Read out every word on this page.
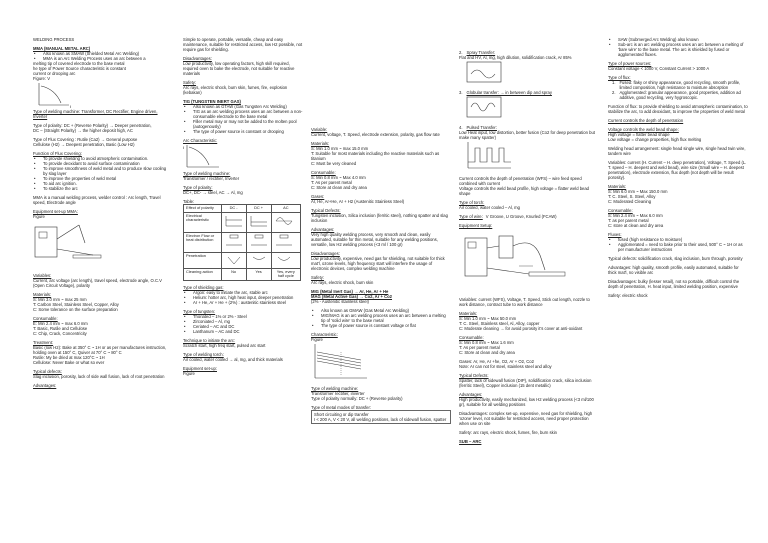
WELDING PROCESS
MMA (MANUAL METAL ARC)
• Also known as SMAW (Shielded Metal Arc Welding)
• MMA is an Arc Welding Process uses an arc between a
melting tip of covered electrode to the base metal
he type of Power Source characteristic is constant
current or drooping arc
Figure: V
I
Type of welding machine: Transformer, DC Rectifier, Engine driven, Inverter
Type of polarity: DC + (Reverse Polarity) → Deeper penetration,
DC – (Straight Polarity) → the higher deposit high, AC
Type of Flux Covering : Rutile (Ca2) → General purpose
Cellulose (H2) → Deepest penetration, Basic (Low H2)
Function of Flux Covering:
• To provide shielding to avoid atmospheric contamination.
• To provide deoxidant to avoid surface contamination
• To improve smoothness of weld metal and to produce slow cooling by slag layer
• To improve the properties of weld metal
• To aid arc ignition.
• To stabilize the arc
MMA is a manual welding process, welder control : Arc length, Travel speed, Electrode angle
Equipment set-up MMA:
Figure
Variables:
Current, arc voltage (arc length), travel speed, electrode angle, O.C.V (Open Circuit Voltage), polarity
Materials:
S: Min 3.0 mm ~ max 25 mm
T: Carbon Steel, Stainless Steel, Copper, Alloy
C: Some tolerance on the surface preparation
Consumable:
E: Min 2.4 mm ~ max 6.0 mm
T: Basic, Rutile and Cellulose
C: Chip, Crack, Concentricity
Treatment:
Basic (low H2): Bake at 350° C ~ 1H or as per manufactures instruction, holding oven at 150° C, Quiver at 70° C ~ 80° C
Rutile: My be dried at max 120°C ~ 1H
Cellulose: Never Bake or what so ever
Typical defects:
Slag inclusion, porosity, lack of side wall fusion, lack of root penetration
Advantages:
Simple to operate, portable, versatile, cheap and easy maintenance, suitable for restricted access, low H2 possible, not require gas for shielding.
Disadvantages:
Low productivity, low operating factors, high skill required, required oven to bake the electrode, not suitable for reactive materials
Safety:
Arc rays, electric shock, burn skin, fumes, fire, explosion (kebakan)
TIG (TUNGSTEN INERT GAS)
• Also known as GTAW (Gas Tungsten Arc Welding)
• TIG as an arc welding process uses an arc between a non-consumable electrode to the base metal
• Filler metal may or may not be added to the molten pool (autogenously)
• The type of power source is constant or drooping
Arc Characteristic:
I
Type of welding machine:
Transformer / rectifier, Inverter
Type of polarity:
DC+, DC- → steel, AC → Al, mg
Table:
Effect of polarity	DC -	DC +	AC
Electrical characteristic	

Electron Flow or heat distribution	

Penetration	

Cleaning action	No	Yes	Yes, every half cycle
Type of shielding gas:
• Argon: easy to initiate the arc, stable arc
• Helium: hotter arc, high heat input, deeper penetration
• Ar + He, Ar + He + (2%) : austenitic stainless steel
Type of tungsten:
• Thoriated – 1% or 2% - Steel
• Zirconiated – Al, mg
• Ceriated – AC and DC
• Lanthanum – AC and DC
Technique to initiate the arc:
Scratch start, high freq start, pulsed arc start
Type of welding torch:
Air cooled, water cooled → al, mg, and thick materials
Equipment set-up:
Figure
Variable:
Current, voltage, T. Speed, electrode extension, polarity, gas flow rate
Materials:
S: Min 1.0 mm ~ max 15.0 mm
T: Suitable for most materials including the reactive materials such as titanium
C: Must be very cleaned
Consumable:
S: Min 0.8 mm ~ Max 4.0 mm
T: As per parent metal
C: Store at clean and dry area
Gases:
Ar, He, Ar+He, Ar + H2 (Austenitic Stainless Steel)
Typical Defects:
Tungsten inclusion, Silica inclusion (ferritic steel), nothing spatter and slag inclusion
Advantages:
Very high quality welding process, very smooth and clean, easily automated, suitable for thin metal, suitable for any welding positions, versatile, low H2 welding process (<3 ml / 100 gr)
Disadvantages:
Low productivity, expensive, need gas for shielding, not suitable for thick mat'l, ozone levels, high frequency start will interfere the usage of electronic devices, complex welding machine
Safety:
Arc rays, electric shock, burn skin
MIG (Metal Inert Gas) → Ar, He, Ar + He
MAG (Metal Active Gas) → Co2, Ar + Co2
(2% - Austenitic stainless steel)
• Also known as GMAW (Gas Metal Arc Welding)
• MIG/MAG is an arc welding process uses an arc between a melting tip of 'solid wire' to the base metal
• The type of power source is constant voltage or flat
Characteristic:
Figure
Type of welding machine:
Transformer rectifier, inverter
Type of polarity normally: DC + (Reverse polarity)
Type of metal modes of transfer:
Short circuiting or dip transfer
I < 200 A, V < 20 V, all welding positions, lack of sidewall fusion, spatter
2. Spray Transfer:
Flat and HV, Al, mg, high dilution, solidification crack, Ar 85%
3. Globular transfer: → in between dip and spray
4. Pulsed Transfer:
Low Heat input, low distortion, better fusion (Co2 for deep penetration but make many spatter)
Current controls the depth of penetration (WFS) – wire feed speed combined with current
Voltage controls the weld bead profile, high voltage = flatter weld bead shape
Type of torch:
Air cooled, water cooled – Al, mg
Type of wire: V Groove, U Groove, Knurled (FCAW)
Equipment Setup:
Variables: current (WFS), Voltage, T. Speed, Stick out length, nozzle to work distance, contract tube to work distance
Materials:
S: Min 1.0 mm ~ Max 50.0 mm
T: C. Steel, Stainless steel, Al, Alloy, copper
C: Moderate cleaning → for avoid porosity it's cover at anti-oxidant
Consumable:
S: Min 0.8 mm ~ Max 1.6 mm
T: As per parent metal
C: Store at clean and dry area
Gases: Ar, He, Ar +he, O2, Ar + O2, Co2
Note: Ar can not for steel, stainless steel and alloy
Typical Defects:
Spatter, lack of sidewall fusion (DIP), solidification crack, silica inclusion (ferritic Steel), Copper inclusion (15 dent metallic)
Advantages:
High productivity, easily mechanized, low H2 welding process (<3 ml/100 gr), suitable for all welding positions
Disadvantages: complex set-up, expensive, need gas for shielding, high 'ozone' level, not suitable for restricted access, need proper protection when use on site
Safety: arc rays, electric shock, fumes, fire, burn skin
SUB – ARC
• SAW (Submerged Arc Welding) also known
• Sub-arc is an arc welding process uses an arc between a melting of 'bare wire' to the base metal. The arc is shielded by fused or agglomerated fluxes.
Type of power sources:
Constant voltage < 1000 V, Constant Current > 1000 A
Type of flux:
1. Fused: flaky or shiny appearance, good recycling, smooth profile, limited composition, high resistance to moisture absorption
2. Agglomerated: granular appearance, good properties, addition ad additive, good recycling, very hygroscopic.
Function of flux: to provide shielding to avoid atmospheric contamination, to stabilize the arc, to add deoxidant, to improve the properties of weld metal
Current controls the depth of penetration
Voltage controls the weld bead shape:
High voltage = flatter bead shape
Low voltage = change properties, high flux melting
Welding head arrangement: single head single wire, single head twin wire, tandem wire
Variables: current (H. Current – H. deep penetration), Voltage, T. Speed (L. T. speed – H. deepest and weld bead), wire size (Small wire – H. deepest penetration), electrode extension, flux depth (not depth will be result porosity).
Materials:
S: Min 6.0 mm ~ Max 150.0 mm
T: C. Steel, S. Steel, Alloy
C: Moderated Cleaning
Consumable:
S: Min 2.4 mm ~ Max 6.0 mm
T: as per parent metal
C: store at clean and dry area
Fluxes:
• fused (high resistance to moisture)
• Agglomerated = need to bake prior to their used, 500° C ~ 1H or as per manufacturer instructions
Typical defects: solidification crack, slag inclusion, burn through, porosity
Advantages: high quality, smooth profile, easily automated, suitable for thick mat'l, no visible arc
Disadvantages: bulky (lesser retail), not so portable, difficult control the depth of penetration, H. heat input, limited welding position, expensive
Safety: electric shock
